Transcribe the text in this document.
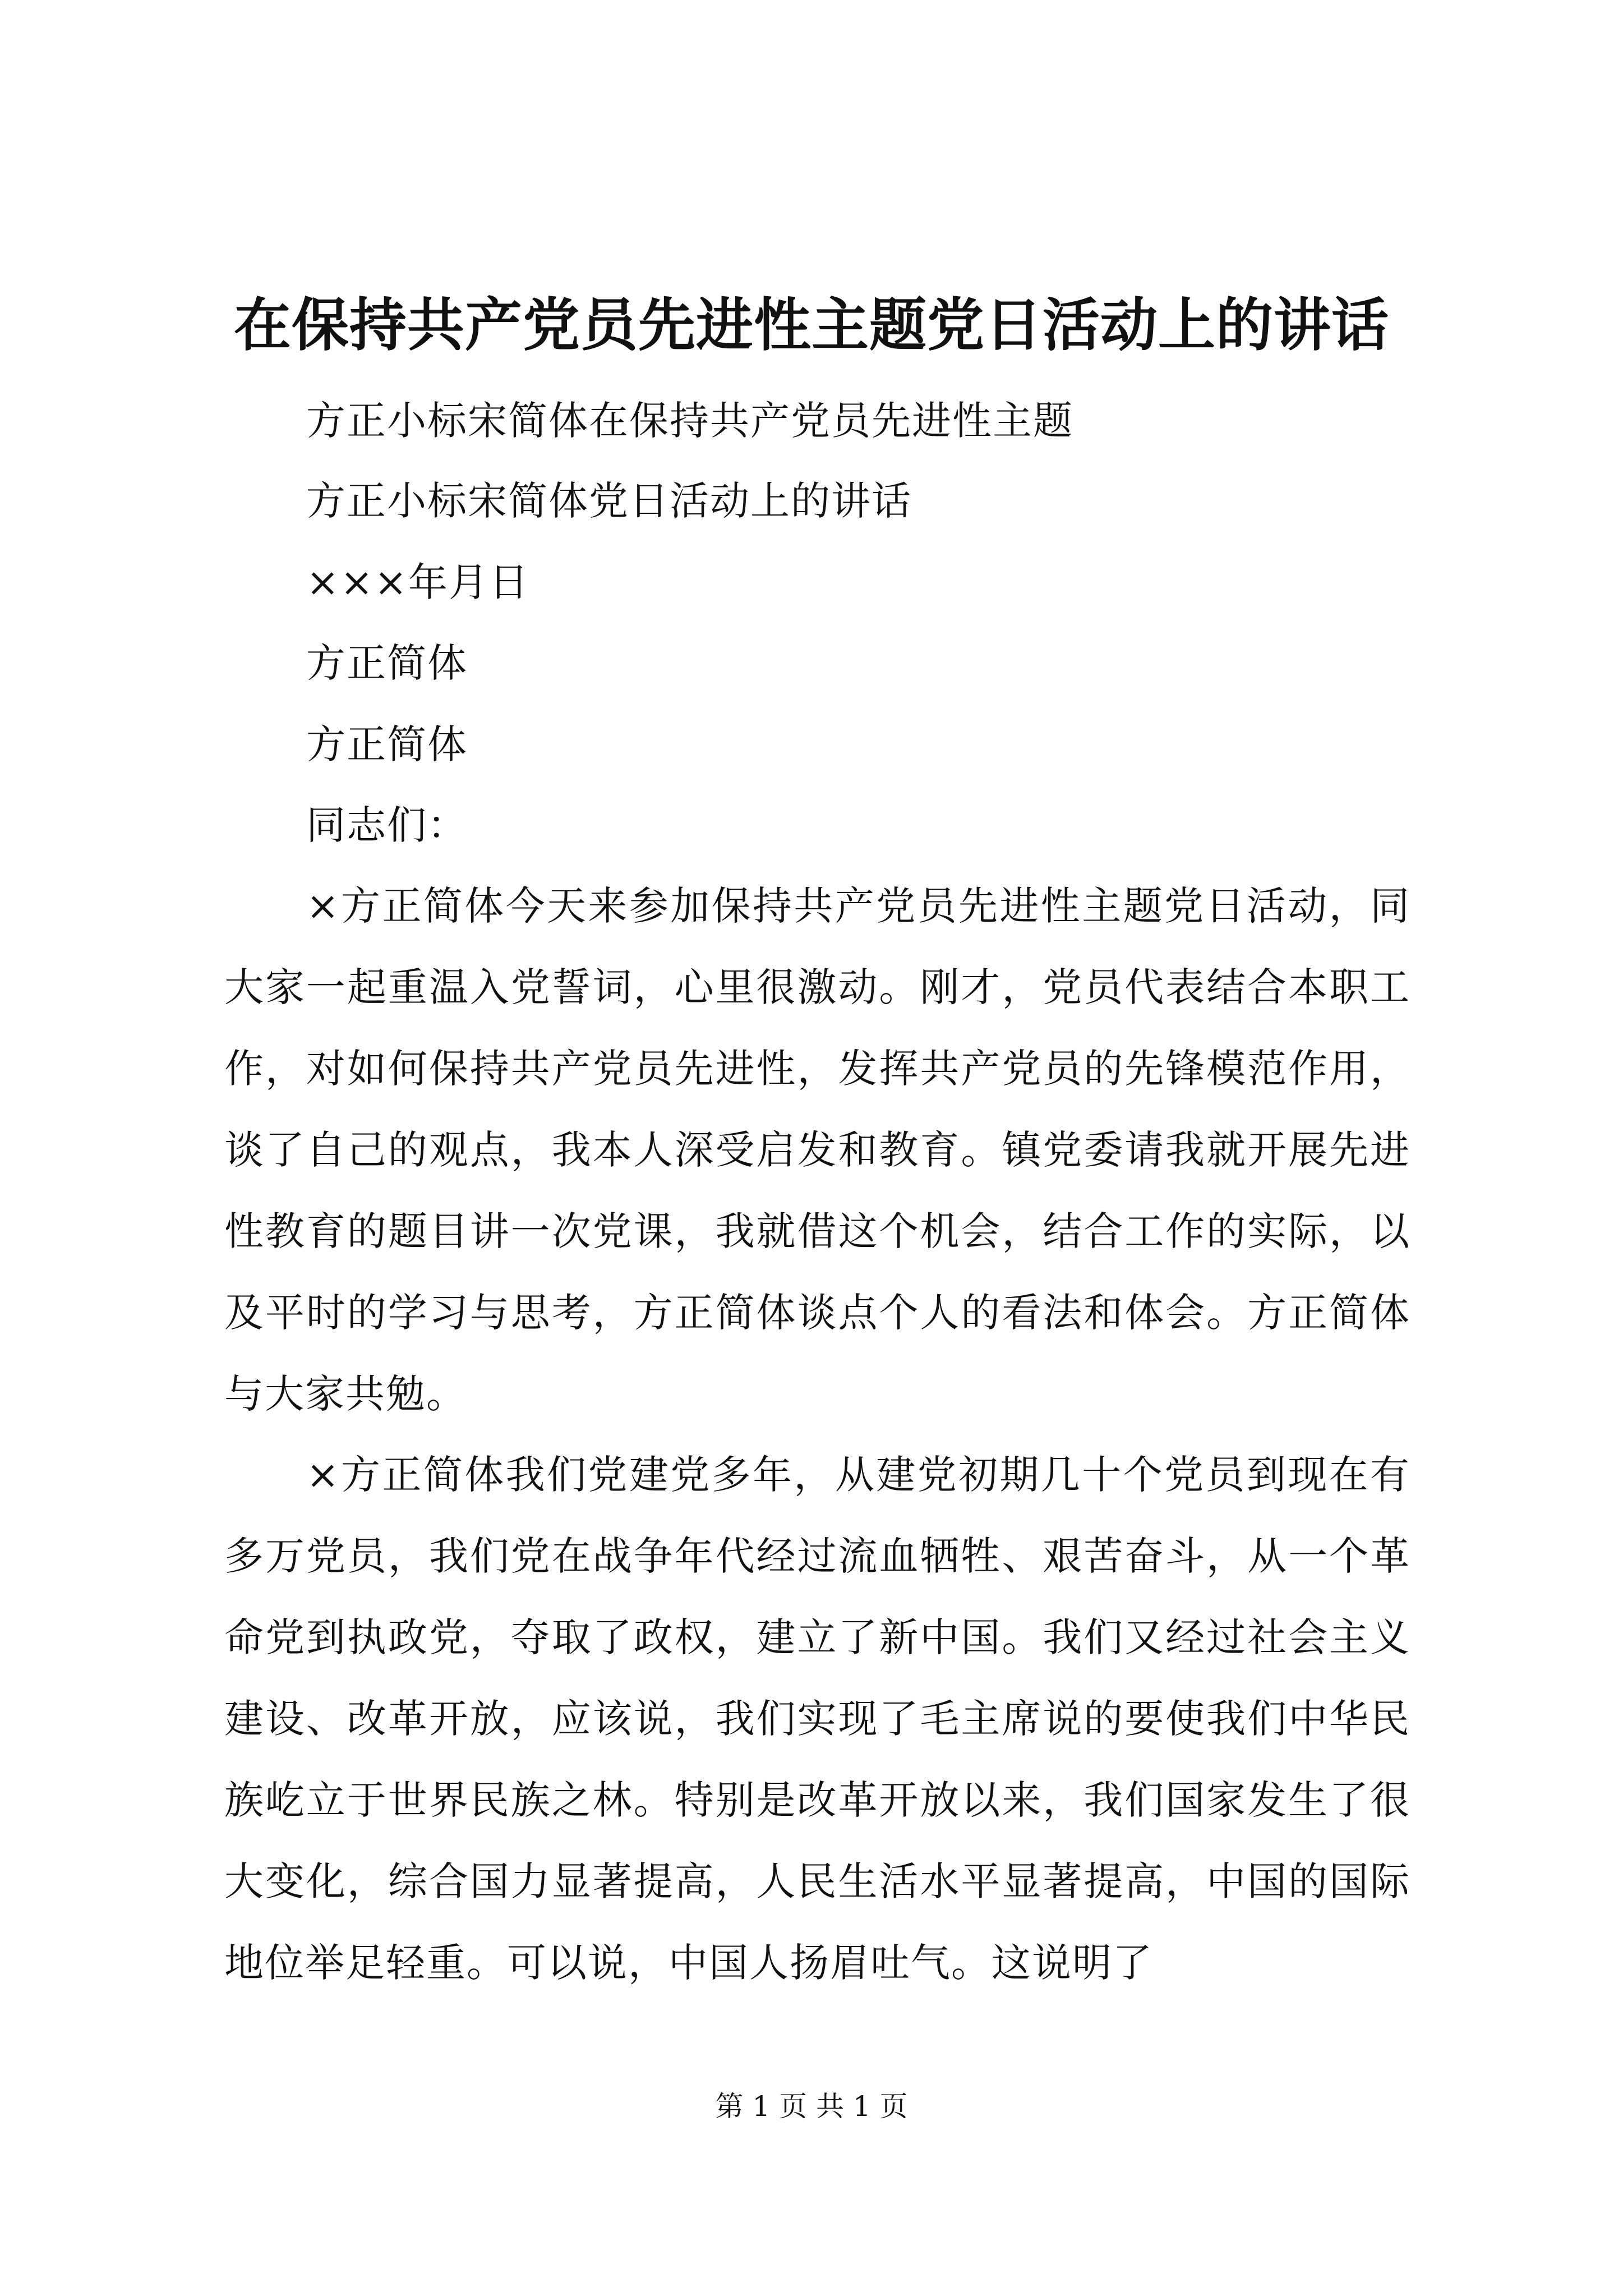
在保持共产党员先进性主题党日活动上的讲话

方正小标宋简体在保持共产党员先进性主题

方正小标宋简体党日活动上的讲话

×××年月日

方正简体

方正简体

同志们：

×方正简体今天来参加保持共产党员先进性主题党日活动，同大家一起重温入党誓词，心里很激动。刚才，党员代表结合本职工作，对如何保持共产党员先进性，发挥共产党员的先锋模范作用，谈了自己的观点，我本人深受启发和教育。镇党委请我就开展先进性教育的题目讲一次党课，我就借这个机会，结合工作的实际，以及平时的学习与思考，方正简体谈点个人的看法和体会。方正简体与大家共勉。

×方正简体我们党建党多年，从建党初期几十个党员到现在有多万党员，我们党在战争年代经过流血牺牲、艰苦奋斗，从一个革命党到执政党，夺取了政权，建立了新中国。我们又经过社会主义建设、改革开放，应该说，我们实现了毛主席说的要使我们中华民族屹立于世界民族之林。特别是改革开放以来，我们国家发生了很大变化，综合国力显著提高，人民生活水平显著提高，中国的国际地位举足轻重。可以说，中国人扬眉吐气。这说明了

第 1 页 共 1 页
